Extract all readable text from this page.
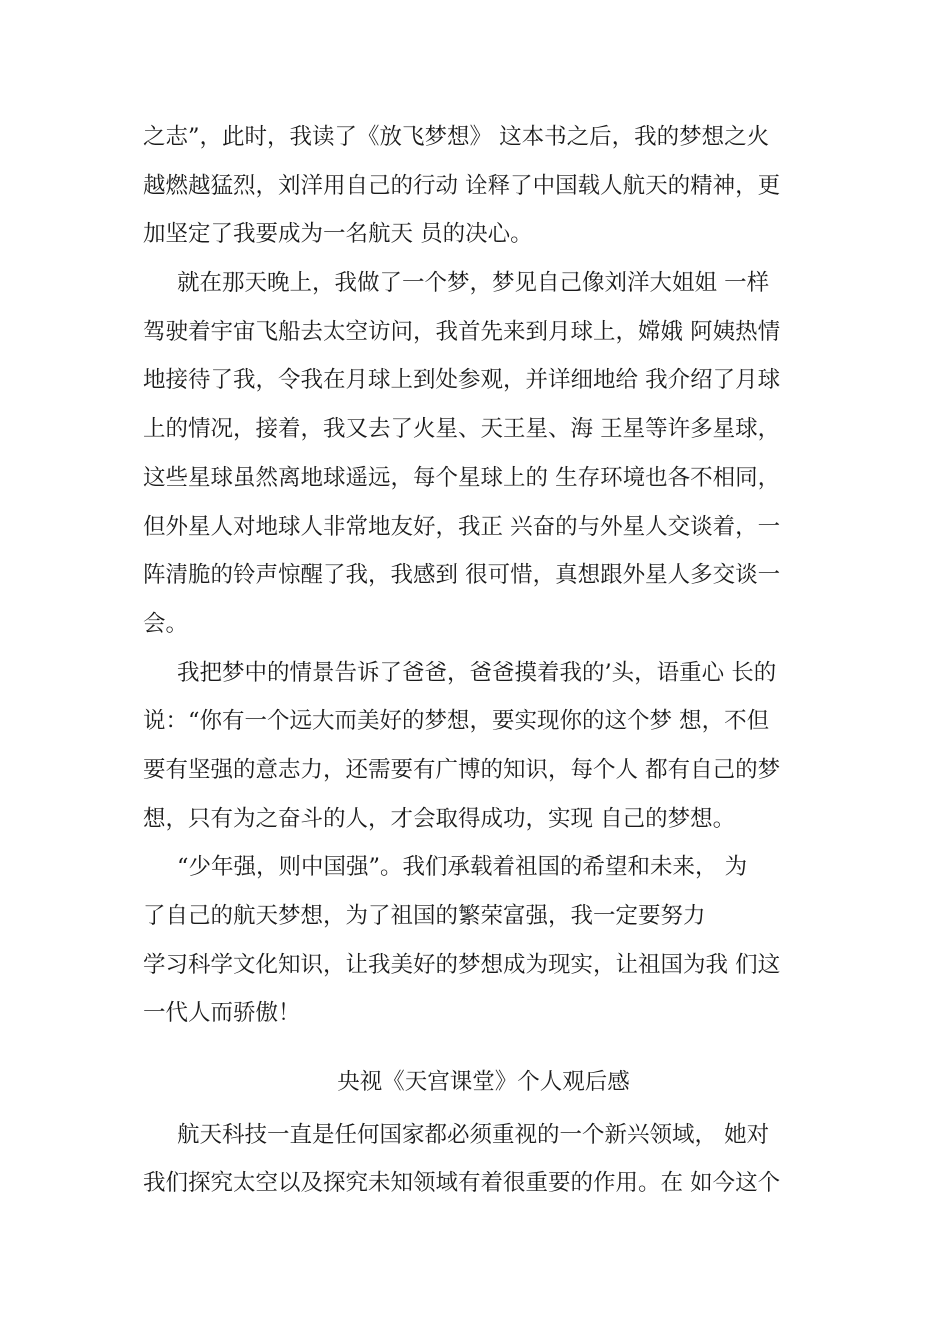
之志”，此时，我读了《放飞梦想》 这本书之后，我的梦想之火
越燃越猛烈，刘洋用自己的行动 诠释了中国载人航天的精神，更
加坚定了我要成为一名航天 员的决心。
就在那天晚上，我做了一个梦，梦见自己像刘洋大姐姐 一样
驾驶着宇宙飞船去太空访问，我首先来到月球上，嫦娥 阿姨热情
地接待了我，令我在月球上到处参观，并详细地给 我介绍了月球
上的情况，接着，我又去了火星、天王星、海 王星等许多星球，
这些星球虽然离地球遥远，每个星球上的 生存环境也各不相同，
但外星人对地球人非常地友好，我正 兴奋的与外星人交谈着，一
阵清脆的铃声惊醒了我，我感到 很可惜，真想跟外星人多交谈一
会。
我把梦中的情景告诉了爸爸，爸爸摸着我的’头，语重心 长的
说：“你有一个远大而美好的梦想，要实现你的这个梦 想，不但
要有坚强的意志力，还需要有广博的知识，每个人 都有自己的梦
想，只有为之奋斗的人，才会取得成功，实现 自己的梦想。
“少年强，则中国强”。我们承载着祖国的希望和未来， 为
了自己的航天梦想，为了祖国的繁荣富强，我一定要努力
学习科学文化知识，让我美好的梦想成为现实，让祖国为我 们这
一代人而骄傲！
央视《天宫课堂》个人观后感
航天科技一直是任何国家都必须重视的一个新兴领域， 她对
我们探究太空以及探究未知领域有着很重要的作用。在 如今这个
